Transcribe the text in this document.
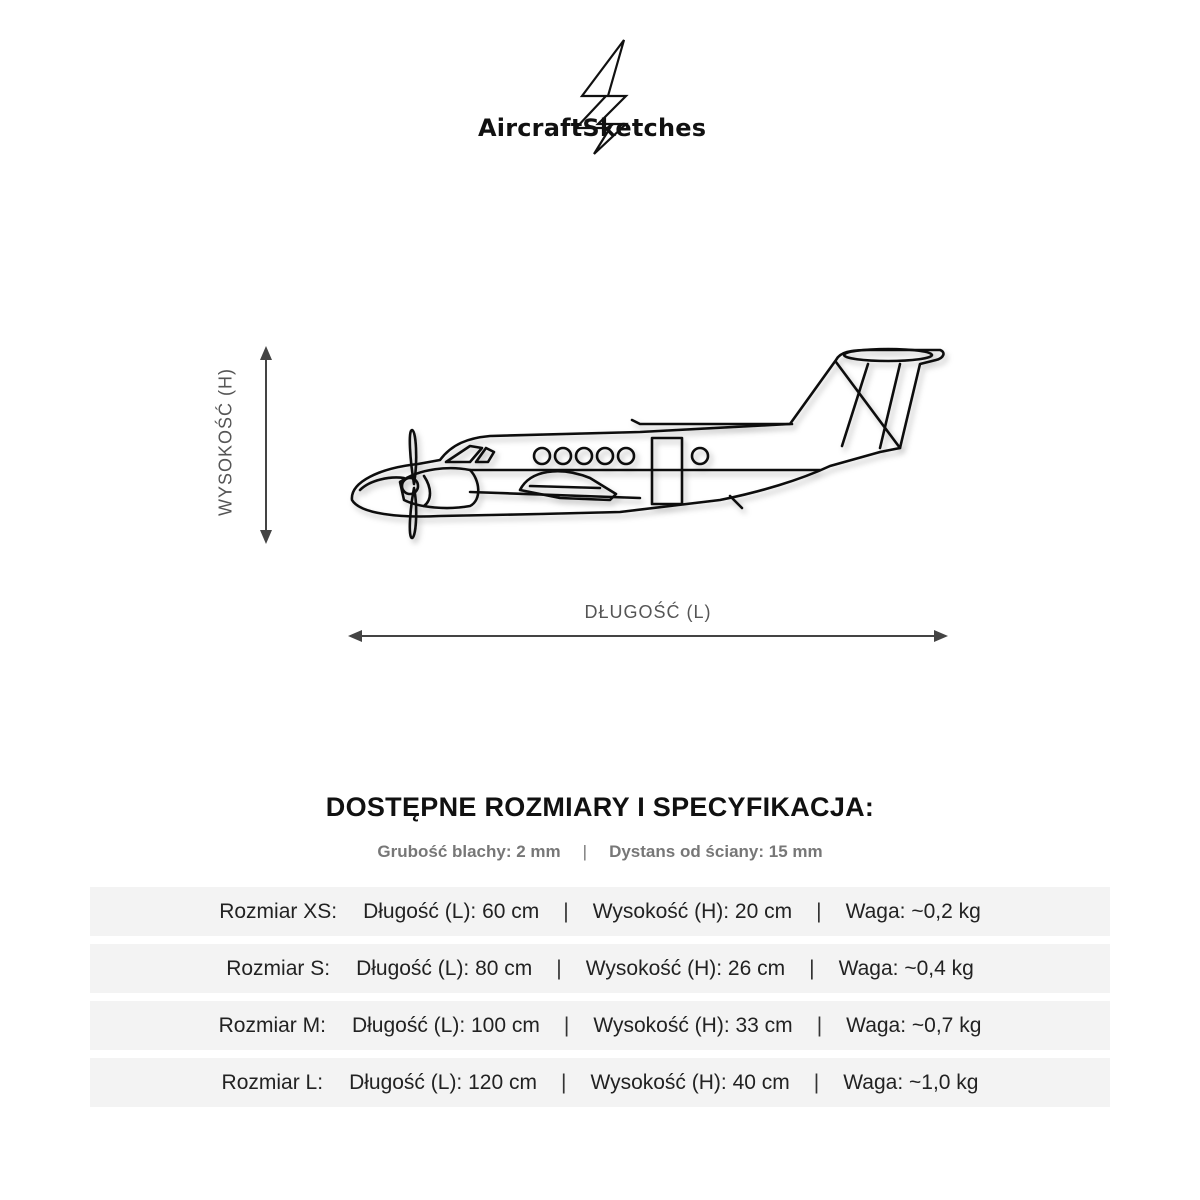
AircraftSketches
WYSOKOŚĆ (H)
DŁUGOŚĆ (L)
DOSTĘPNE ROZMIARY I SPECYFIKACJA:
Grubość blachy: 2 mm | Dystans od ściany: 15 mm
Rozmiar XS: Długość (L): 60 cm | Wysokość (H): 20 cm | Waga: ~0,2 kg
Rozmiar S: Długość (L): 80 cm | Wysokość (H): 26 cm | Waga: ~0,4 kg
Rozmiar M: Długość (L): 100 cm | Wysokość (H): 33 cm | Waga: ~0,7 kg
Rozmiar L: Długość (L): 120 cm | Wysokość (H): 40 cm | Waga: ~1,0 kg
